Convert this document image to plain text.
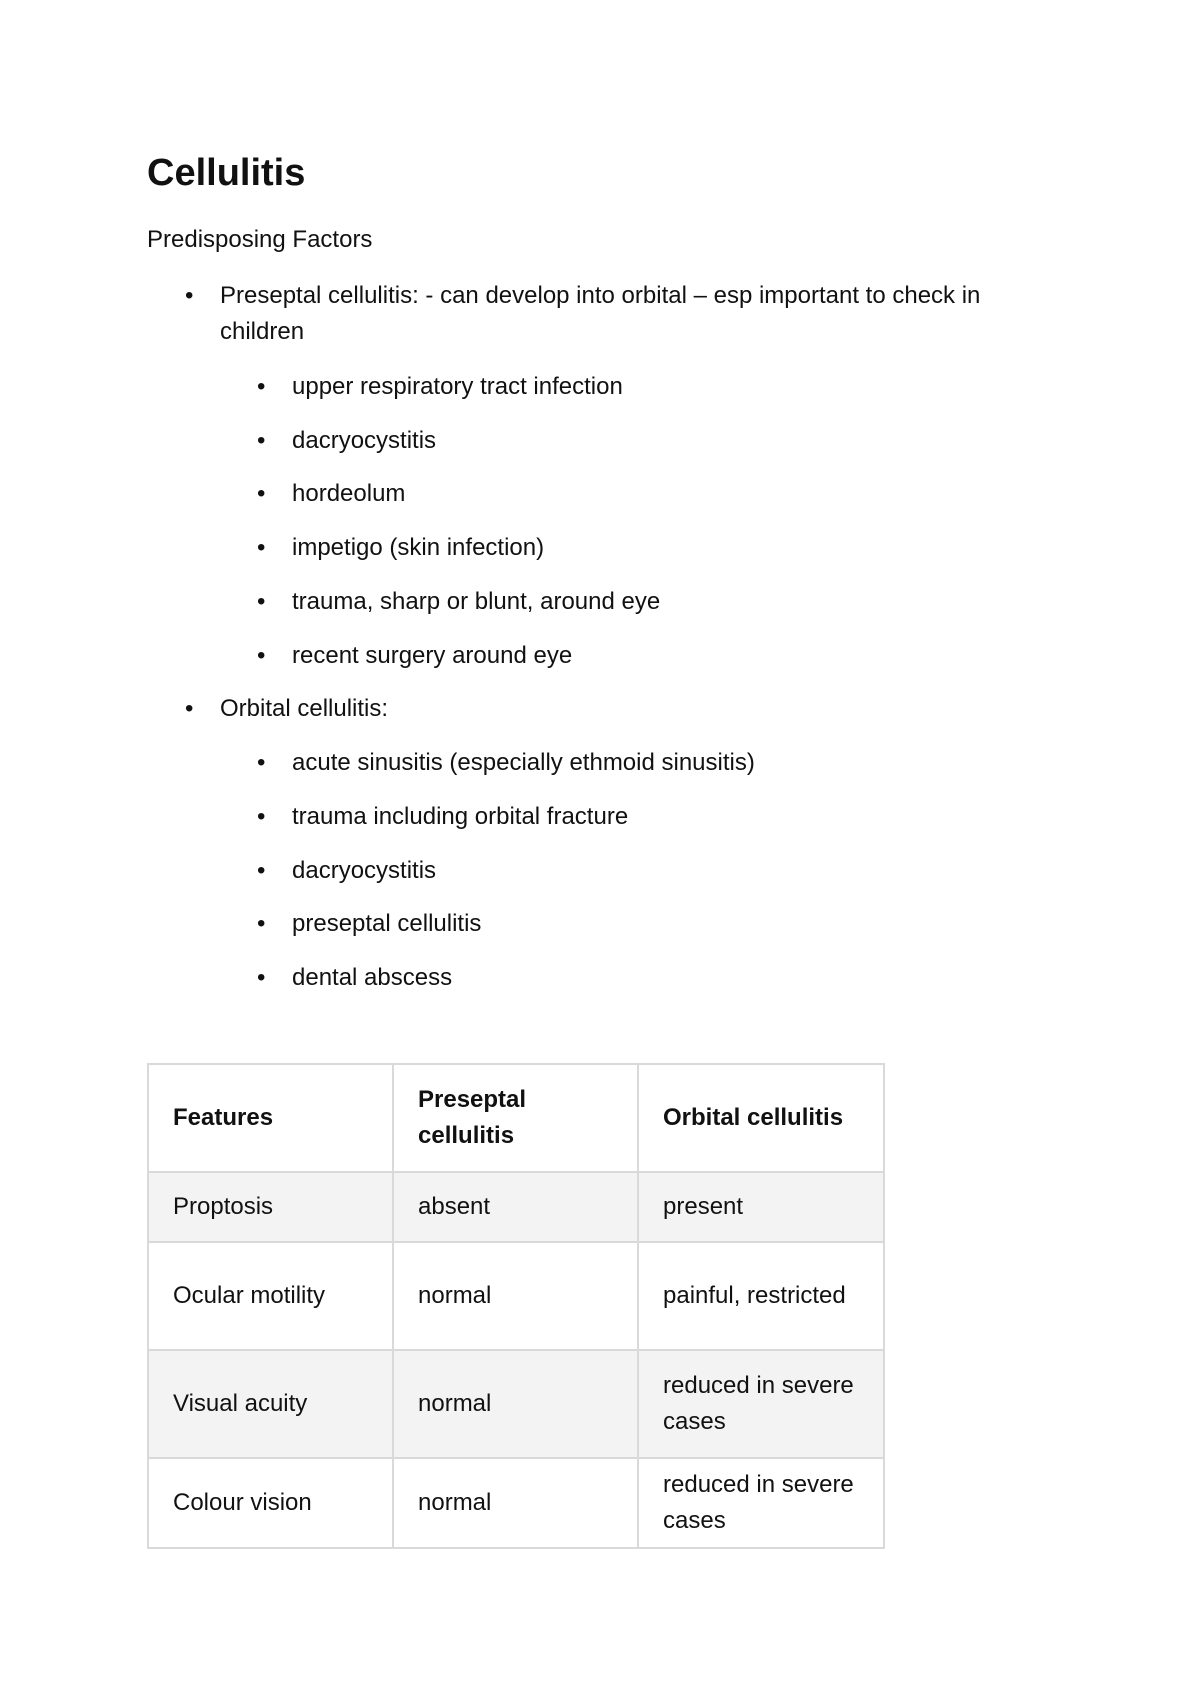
Cellulitis

Predisposing Factors

• Preseptal cellulitis: - can develop into orbital – esp important to check in children
• upper respiratory tract infection
• dacryocystitis
• hordeolum
• impetigo (skin infection)
• trauma, sharp or blunt, around eye
• recent surgery around eye
• Orbital cellulitis:
• acute sinusitis (especially ethmoid sinusitis)
• trauma including orbital fracture
• dacryocystitis
• preseptal cellulitis
• dental abscess
Features	Preseptal cellulitis	Orbital cellulitis
Proptosis	absent	present
Ocular motility	normal	painful, restricted
Visual acuity	normal	reduced in severe cases
Colour vision	normal	reduced in severe cases
